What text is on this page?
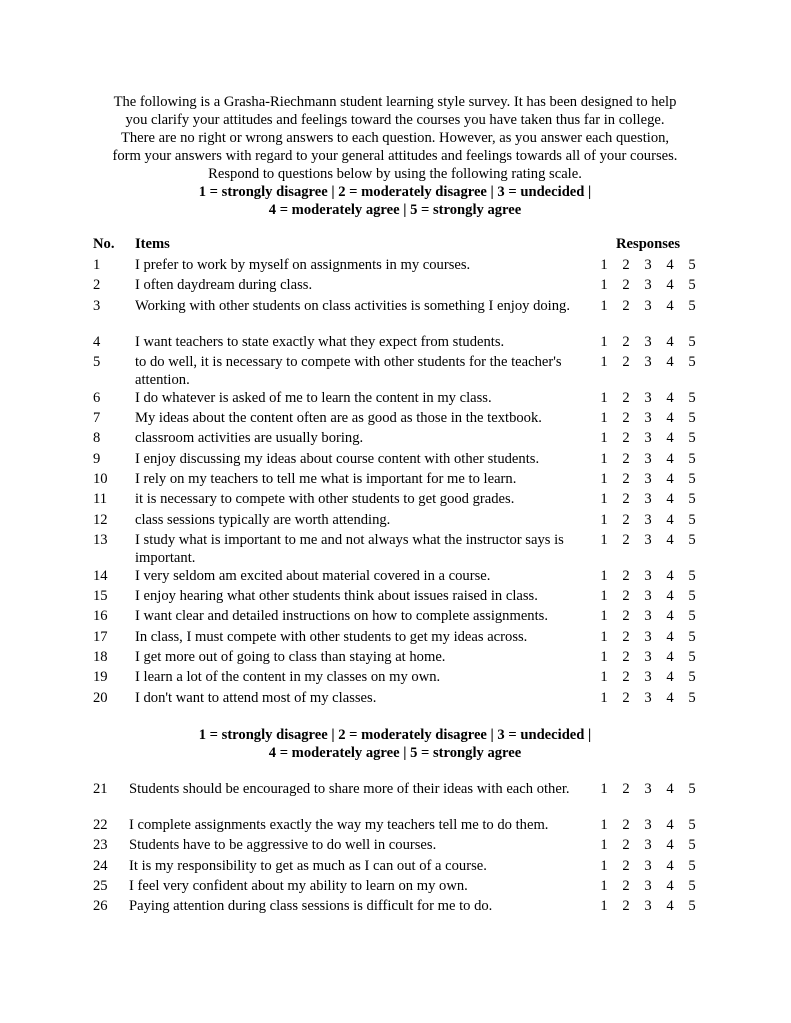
The following is a Grasha-Riechmann student learning style survey. It has been designed to help

you clarify your attitudes and feelings toward the courses you have taken thus far in college.

There are no right or wrong answers to each question. However, as you answer each question,

form your answers with regard to your general attitudes and feelings towards all of your courses.

Respond to questions below by using the following rating scale.

1 = strongly disagree | 2 = moderately disagree | 3 = undecided |
4 = moderately agree | 5 = strongly agree
No. Items	Responses
1 I prefer to work by myself on assignments in my courses.	1 2 3 4 5
2 I often daydream during class.	1 2 3 4 5
3 Working with other students on class activities is something I enjoy doing.	1 2 3 4 5
4 I want teachers to state exactly what they expect from students.	1 2 3 4 5
5 to do well, it is necessary to compete with other students for the teacher's attention.
1 2 3 4 5
6 I do whatever is asked of me to learn the content in my class.	1 2 3 4 5
7 My ideas about the content often are as good as those in the textbook.	1 2 3 4 5
8 classroom activities are usually boring.	1 2 3 4 5
9 I enjoy discussing my ideas about course content with other students.	1 2 3 4 5
10 I rely on my teachers to tell me what is important for me to learn.	1 2 3 4 5
11 it is necessary to compete with other students to get good grades.	1 2 3 4 5
12 class sessions typically are worth attending.	1 2 3 4 5
13 I study what is important to me and not always what the instructor says is important.
1 2 3 4 5
14 I very seldom am excited about material covered in a course.	1 2 3 4 5
15 I enjoy hearing what other students think about issues raised in class.	1 2 3 4 5
16 I want clear and detailed instructions on how to complete assignments.	1 2 3 4 5
17 In class, I must compete with other students to get my ideas across.	1 2 3 4 5
18 I get more out of going to class than staying at home.	1 2 3 4 5
19 I learn a lot of the content in my classes on my own.	1 2 3 4 5
20 I don't want to attend most of my classes.	1 2 3 4 5
1 = strongly disagree | 2 = moderately disagree | 3 = undecided |
4 = moderately agree | 5 = strongly agree
21 Students should be encouraged to share more of their ideas with each other.	1 2 3 4 5
22 I complete assignments exactly the way my teachers tell me to do them.	1 2 3 4 5
23 Students have to be aggressive to do well in courses.	1 2 3 4 5
24 It is my responsibility to get as much as I can out of a course.	1 2 3 4 5
25 I feel very confident about my ability to learn on my own.	1 2 3 4 5
26 Paying attention during class sessions is difficult for me to do.	1 2 3 4 5
